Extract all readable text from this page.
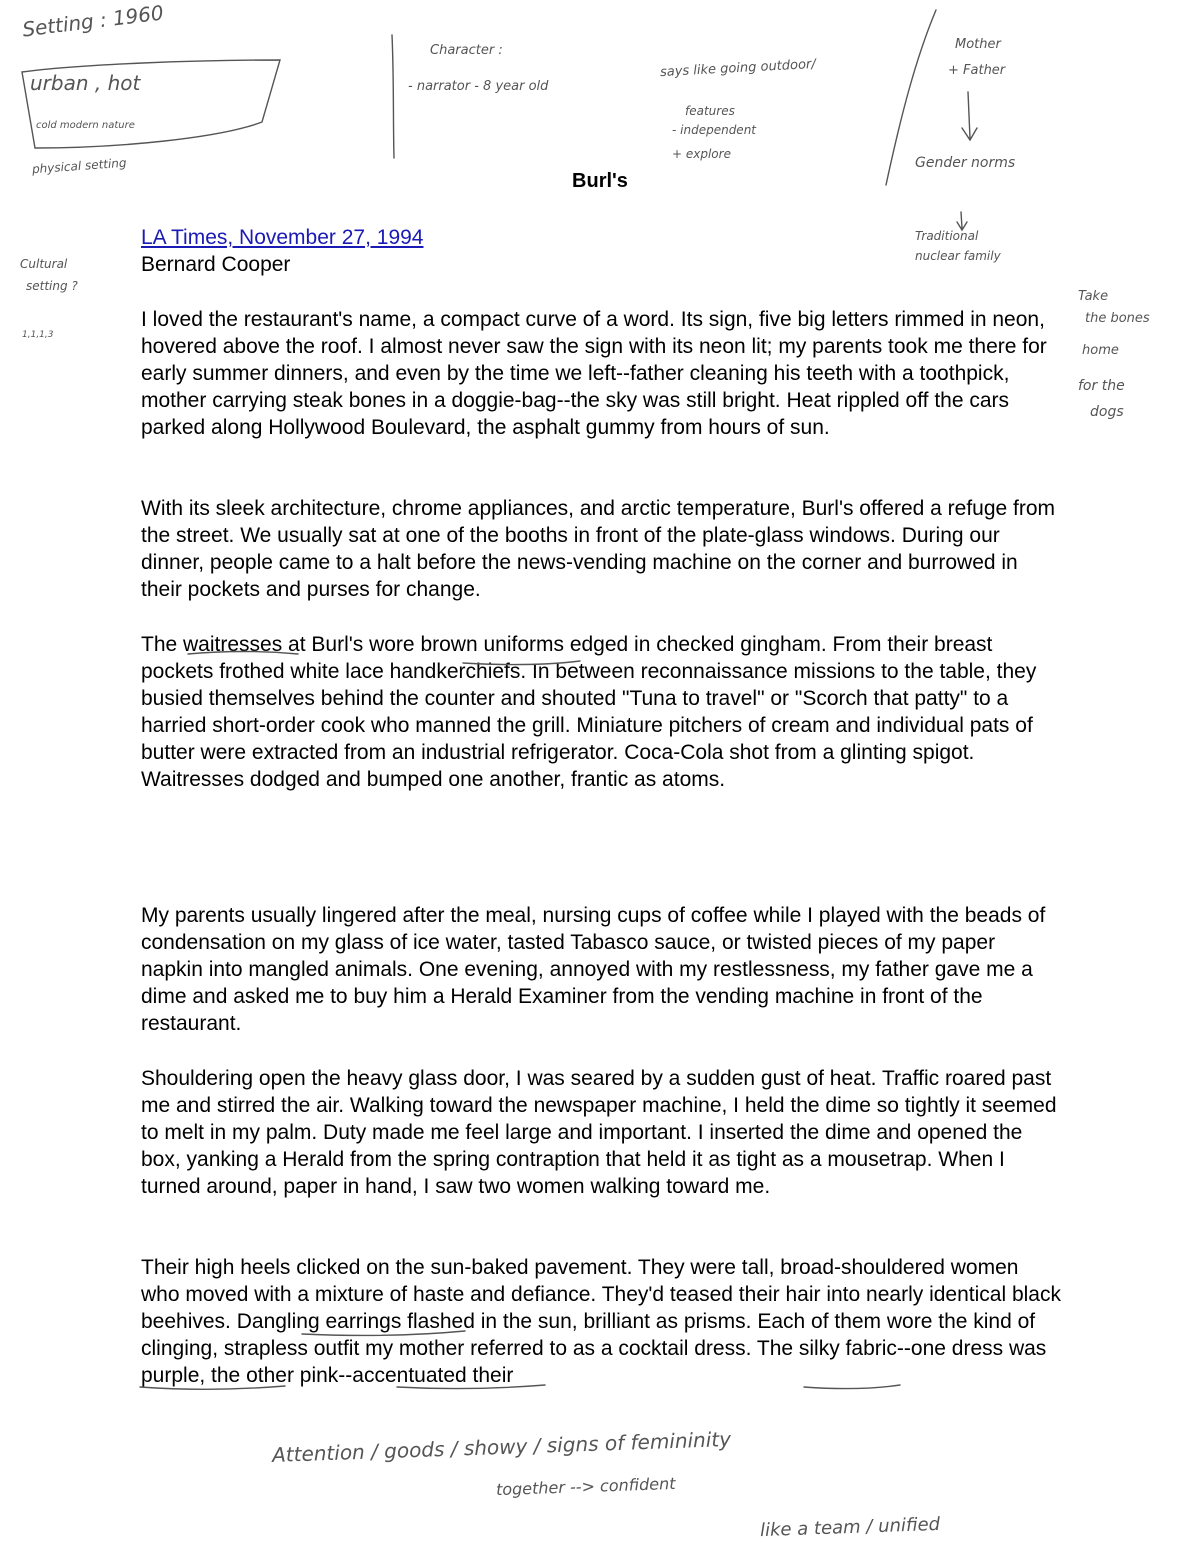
Burl's
LA Times, November 27, 1994
Bernard Cooper

I loved the restaurant's name, a compact curve of a word. Its sign, five big letters rimmed in neon, hovered above the roof. I almost never saw the sign with its neon lit; my parents took me there for early summer dinners, and even by the time we left--father cleaning his teeth with a toothpick, mother carrying steak bones in a doggie-bag--the sky was still bright. Heat rippled off the cars parked along Hollywood Boulevard, the asphalt gummy from hours of sun.

With its sleek architecture, chrome appliances, and arctic temperature, Burl's offered a refuge from the street. We usually sat at one of the booths in front of the plate-glass windows. During our dinner, people came to a halt before the news-vending machine on the corner and burrowed in their pockets and purses for change.

The waitresses at Burl's wore brown uniforms edged in checked gingham. From their breast pockets frothed white lace handkerchiefs. In between reconnaissance missions to the table, they busied themselves behind the counter and shouted "Tuna to travel" or "Scorch that patty" to a harried short-order cook who manned the grill. Miniature pitchers of cream and individual pats of butter were extracted from an industrial refrigerator. Coca-Cola shot from a glinting spigot. Waitresses dodged and bumped one another, frantic as atoms.

My parents usually lingered after the meal, nursing cups of coffee while I played with the beads of condensation on my glass of ice water, tasted Tabasco sauce, or twisted pieces of my paper napkin into mangled animals. One evening, annoyed with my restlessness, my father gave me a dime and asked me to buy him a Herald Examiner from the vending machine in front of the restaurant.

Shouldering open the heavy glass door, I was seared by a sudden gust of heat. Traffic roared past me and stirred the air. Walking toward the newspaper machine, I held the dime so tightly it seemed to melt in my palm. Duty made me feel large and important. I inserted the dime and opened the box, yanking a Herald from the spring contraption that held it as tight as a mousetrap. When I turned around, paper in hand, I saw two women walking toward me.

Their high heels clicked on the sun-baked pavement. They were tall, broad-shouldered women who moved with a mixture of haste and defiance. They'd teased their hair into nearly identical black beehives. Dangling earrings flashed in the sun, brilliant as prisms. Each of them wore the kind of clinging, strapless outfit my mother referred to as a cocktail dress. The silky fabric--one dress was purple, the other pink--accentuated their

Setting : 1960
urban , hot
cold modern nature
physical setting
Character :
- narrator - 8 year old
says like going outdoor/
features
- independent
+ explore
Mother
+ Father
Gender norms
Traditional
nuclear family
Cultural
setting ?
1,1,1,3
Take
the bones
home
for the
dogs
Attention / goods / showy / signs of femininity
together --> confident
like a team / unified
